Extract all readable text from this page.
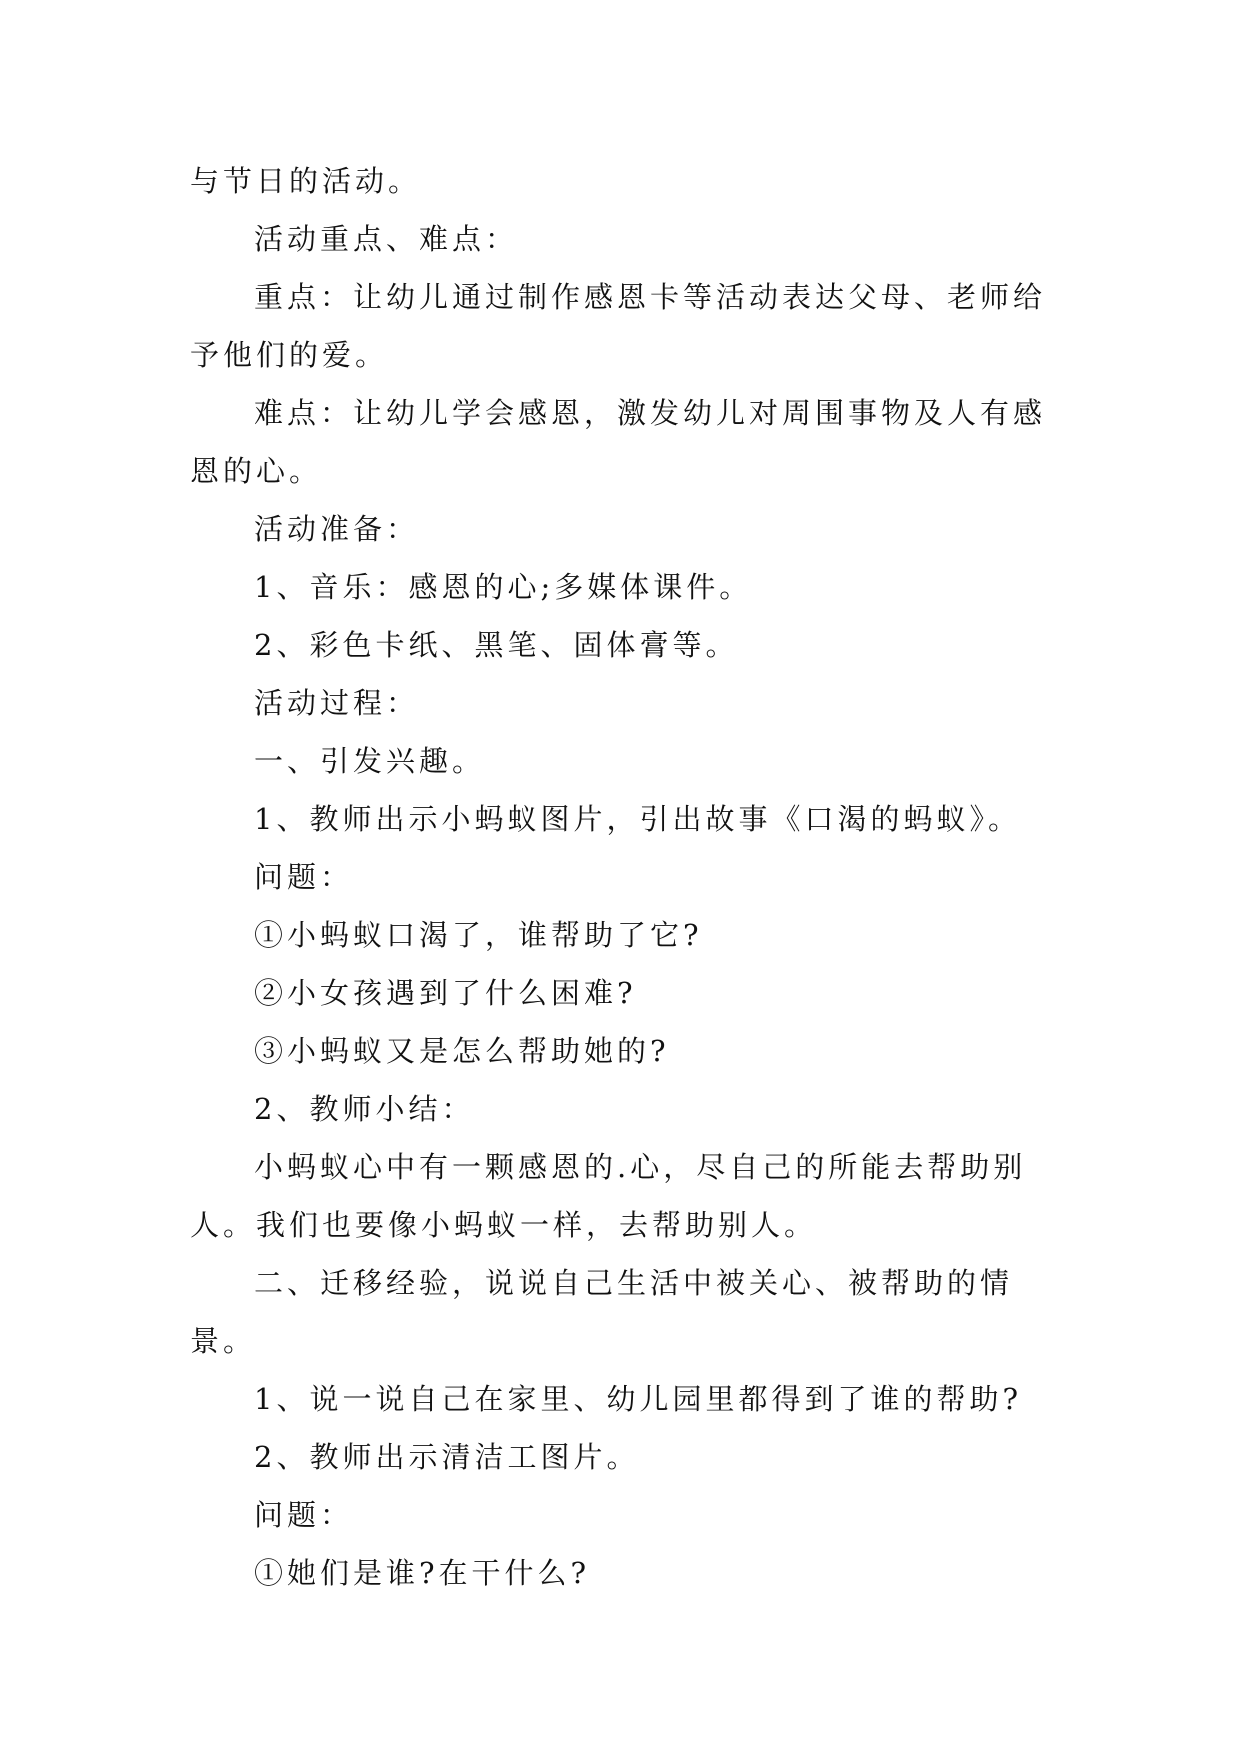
与节日的活动。

活动重点、难点：

重点：让幼儿通过制作感恩卡等活动表达父母、老师给予他们的爱。

难点：让幼儿学会感恩，激发幼儿对周围事物及人有感恩的心。

活动准备：

1、音乐：感恩的心;多媒体课件。

2、彩色卡纸、黑笔、固体膏等。

活动过程：

一、引发兴趣。

1、教师出示小蚂蚁图片，引出故事《口渴的蚂蚁》。

问题：

①小蚂蚁口渴了，谁帮助了它?

②小女孩遇到了什么困难?

③小蚂蚁又是怎么帮助她的?

2、教师小结：

小蚂蚁心中有一颗感恩的.心，尽自己的所能去帮助别人。我们也要像小蚂蚁一样，去帮助别人。

二、迁移经验，说说自己生活中被关心、被帮助的情景。

1、说一说自己在家里、幼儿园里都得到了谁的帮助?

2、教师出示清洁工图片。

问题：

①她们是谁?在干什么?
